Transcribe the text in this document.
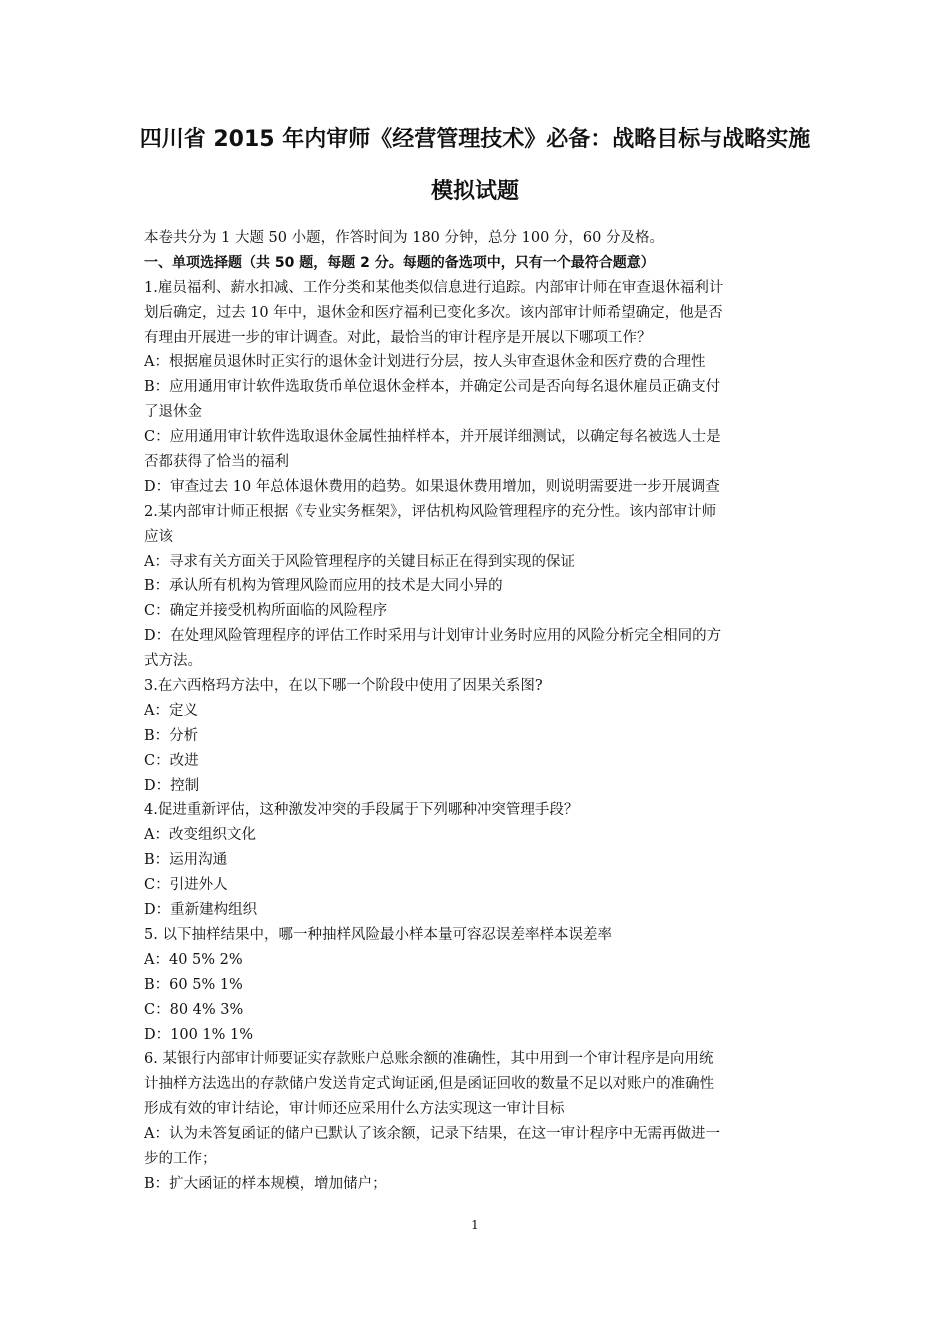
四川省 2015 年内审师《经营管理技术》必备：战略目标与战略实施
模拟试题
本卷共分为 1 大题 50 小题，作答时间为 180 分钟，总分 100 分，60 分及格。
一、单项选择题（共 50 题，每题 2 分。每题的备选项中，只有一个最符合题意）
1.雇员福利、薪水扣减、工作分类和某他类似信息进行追踪。内部审计师在审查退休福利计
划后确定，过去 10 年中，退休金和医疗福利已变化多次。该内部审计师希望确定，他是否
有理由开展进一步的审计调查。对此，最恰当的审计程序是开展以下哪项工作？
A：根据雇员退休时正实行的退休金计划进行分层，按人头审查退休金和医疗费的合理性
B：应用通用审计软件选取货币单位退休金样本，并确定公司是否向每名退休雇员正确支付
了退休金
C：应用通用审计软件选取退休金属性抽样样本，并开展详细测试，以确定每名被选人士是
否都获得了恰当的福利
D：审查过去 10 年总体退休费用的趋势。如果退休费用增加，则说明需要进一步开展调查
2.某内部审计师正根据《专业实务框架》，评估机构风险管理程序的充分性。该内部审计师
应该
A：寻求有关方面关于风险管理程序的关键目标正在得到实现的保证
B：承认所有机构为管理风险而应用的技术是大同小异的
C：确定并接受机构所面临的风险程序
D：在处理风险管理程序的评估工作时采用与计划审计业务时应用的风险分析完全相同的方
式方法。
3.在六西格玛方法中，在以下哪一个阶段中使用了因果关系图?
A：定义
B：分析
C：改进
D：控制
4.促进重新评估，这种激发冲突的手段属于下列哪种冲突管理手段？
A：改变组织文化
B：运用沟通
C：引进外人
D：重新建构组织
5. 以下抽样结果中，哪一种抽样风险最小样本量可容忍误差率样本误差率
A：40 5% 2%
B：60 5% 1%
C：80 4% 3%
D：100 1% 1%
6. 某银行内部审计师要证实存款账户总账余额的准确性，其中用到一个审计程序是向用统
计抽样方法选出的存款储户发送肯定式询证函,但是函证回收的数量不足以对账户的准确性
形成有效的审计结论，审计师还应采用什么方法实现这一审计目标
A：认为未答复函证的储户已默认了该余额，记录下结果，在这一审计程序中无需再做进一
步的工作；
B：扩大函证的样本规模，增加储户；
1
